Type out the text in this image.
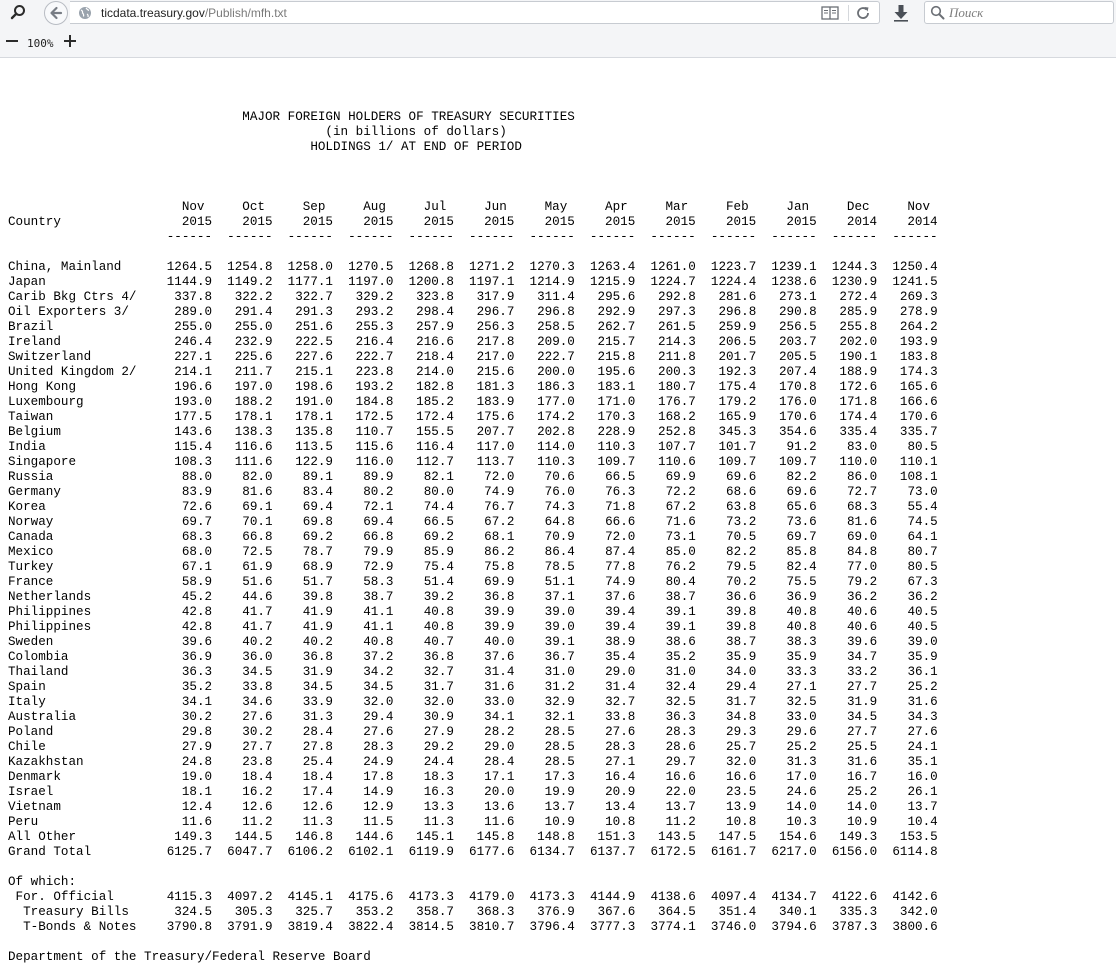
ticdata.treasury.gov/Publish/mfh.txt
Поиск
100%
MAJOR FOREIGN HOLDERS OF TREASURY SECURITIES
(in billions of dollars)
HOLDINGS 1/ AT END OF PERIOD

Nov     Oct     Sep     Aug     Jul     Jun     May     Apr     Mar     Feb     Jan     Dec     Nov
Country                2015    2015    2015    2015    2015    2015    2015    2015    2015    2015    2015    2014    2014
------  ------  ------  ------  ------  ------  ------  ------  ------  ------  ------  ------  ------

China, Mainland      1264.5  1254.8  1258.0  1270.5  1268.8  1271.2  1270.3  1263.4  1261.0  1223.7  1239.1  1244.3  1250.4
Japan                1144.9  1149.2  1177.1  1197.0  1200.8  1197.1  1214.9  1215.9  1224.7  1224.4  1238.6  1230.9  1241.5
Carib Bkg Ctrs 4/     337.8   322.2   322.7   329.2   323.8   317.9   311.4   295.6   292.8   281.6   273.1   272.4   269.3
Oil Exporters 3/      289.0   291.4   291.3   293.2   298.4   296.7   296.8   292.9   297.3   296.8   290.8   285.9   278.9
Brazil                255.0   255.0   251.6   255.3   257.9   256.3   258.5   262.7   261.5   259.9   256.5   255.8   264.2
Ireland               246.4   232.9   222.5   216.4   216.6   217.8   209.0   215.7   214.3   206.5   203.7   202.0   193.9
Switzerland           227.1   225.6   227.6   222.7   218.4   217.0   222.7   215.8   211.8   201.7   205.5   190.1   183.8
United Kingdom 2/     214.1   211.7   215.1   223.8   214.0   215.6   200.0   195.6   200.3   192.3   207.4   188.9   174.3
Hong Kong             196.6   197.0   198.6   193.2   182.8   181.3   186.3   183.1   180.7   175.4   170.8   172.6   165.6
Luxembourg            193.0   188.2   191.0   184.8   185.2   183.9   177.0   171.0   176.7   179.2   176.0   171.8   166.6
Taiwan                177.5   178.1   178.1   172.5   172.4   175.6   174.2   170.3   168.2   165.9   170.6   174.4   170.6
Belgium               143.6   138.3   135.8   110.7   155.5   207.7   202.8   228.9   252.8   345.3   354.6   335.4   335.7
India                 115.4   116.6   113.5   115.6   116.4   117.0   114.0   110.3   107.7   101.7    91.2    83.0    80.5
Singapore             108.3   111.6   122.9   116.0   112.7   113.7   110.3   109.7   110.6   109.7   109.7   110.0   110.1
Russia                 88.0    82.0    89.1    89.9    82.1    72.0    70.6    66.5    69.9    69.6    82.2    86.0   108.1
Germany                83.9    81.6    83.4    80.2    80.0    74.9    76.0    76.3    72.2    68.6    69.6    72.7    73.0
Korea                  72.6    69.1    69.4    72.1    74.4    76.7    74.3    71.8    67.2    63.8    65.6    68.3    55.4
Norway                 69.7    70.1    69.8    69.4    66.5    67.2    64.8    66.6    71.6    73.2    73.6    81.6    74.5
Canada                 68.3    66.8    69.2    66.8    69.2    68.1    70.9    72.0    73.1    70.5    69.7    69.0    64.1
Mexico                 68.0    72.5    78.7    79.9    85.9    86.2    86.4    87.4    85.0    82.2    85.8    84.8    80.7
Turkey                 67.1    61.9    68.9    72.9    75.4    75.8    78.5    77.8    76.2    79.5    82.4    77.0    80.5
France                 58.9    51.6    51.7    58.3    51.4    69.9    51.1    74.9    80.4    70.2    75.5    79.2    67.3
Netherlands            45.2    44.6    39.8    38.7    39.2    36.8    37.1    37.6    38.7    36.6    36.9    36.2    36.2
Philippines            42.8    41.7    41.9    41.1    40.8    39.9    39.0    39.4    39.1    39.8    40.8    40.6    40.5
Philippines            42.8    41.7    41.9    41.1    40.8    39.9    39.0    39.4    39.1    39.8    40.8    40.6    40.5
Sweden                 39.6    40.2    40.2    40.8    40.7    40.0    39.1    38.9    38.6    38.7    38.3    39.6    39.0
Colombia               36.9    36.0    36.8    37.2    36.8    37.6    36.7    35.4    35.2    35.9    35.9    34.7    35.9
Thailand               36.3    34.5    31.9    34.2    32.7    31.4    31.0    29.0    31.0    34.0    33.3    33.2    36.1
Spain                  35.2    33.8    34.5    34.5    31.7    31.6    31.2    31.4    32.4    29.4    27.1    27.7    25.2
Italy                  34.1    34.6    33.9    32.0    32.0    33.0    32.9    32.7    32.5    31.7    32.5    31.9    31.6
Australia              30.2    27.6    31.3    29.4    30.9    34.1    32.1    33.8    36.3    34.8    33.0    34.5    34.3
Poland                 29.8    30.2    28.4    27.6    27.9    28.2    28.5    27.6    28.3    29.3    29.6    27.7    27.6
Chile                  27.9    27.7    27.8    28.3    29.2    29.0    28.5    28.3    28.6    25.7    25.2    25.5    24.1
Kazakhstan             24.8    23.8    25.4    24.9    24.4    28.4    28.5    27.1    29.7    32.0    31.3    31.6    35.1
Denmark                19.0    18.4    18.4    17.8    18.3    17.1    17.3    16.4    16.6    16.6    17.0    16.7    16.0
Israel                 18.1    16.2    17.4    14.9    16.3    20.0    19.9    20.9    22.0    23.5    24.6    25.2    26.1
Vietnam                12.4    12.6    12.6    12.9    13.3    13.6    13.7    13.4    13.7    13.9    14.0    14.0    13.7
Peru                   11.6    11.2    11.3    11.5    11.3    11.6    10.9    10.8    11.2    10.8    10.3    10.9    10.4
All Other             149.3   144.5   146.8   144.6   145.1   145.8   148.8   151.3   143.5   147.5   154.6   149.3   153.5
Grand Total          6125.7  6047.7  6106.2  6102.1  6119.9  6177.6  6134.7  6137.7  6172.5  6161.7  6217.0  6156.0  6114.8

Of which:
For. Official       4115.3  4097.2  4145.1  4175.6  4173.3  4179.0  4173.3  4144.9  4138.6  4097.4  4134.7  4122.6  4142.6
Treasury Bills      324.5   305.3   325.7   353.2   358.7   368.3   376.9   367.6   364.5   351.4   340.1   335.3   342.0
T-Bonds & Notes    3790.8  3791.9  3819.4  3822.4  3814.5  3810.7  3796.4  3777.3  3774.1  3746.0  3794.6  3787.3  3800.6

Department of the Treasury/Federal Reserve Board
